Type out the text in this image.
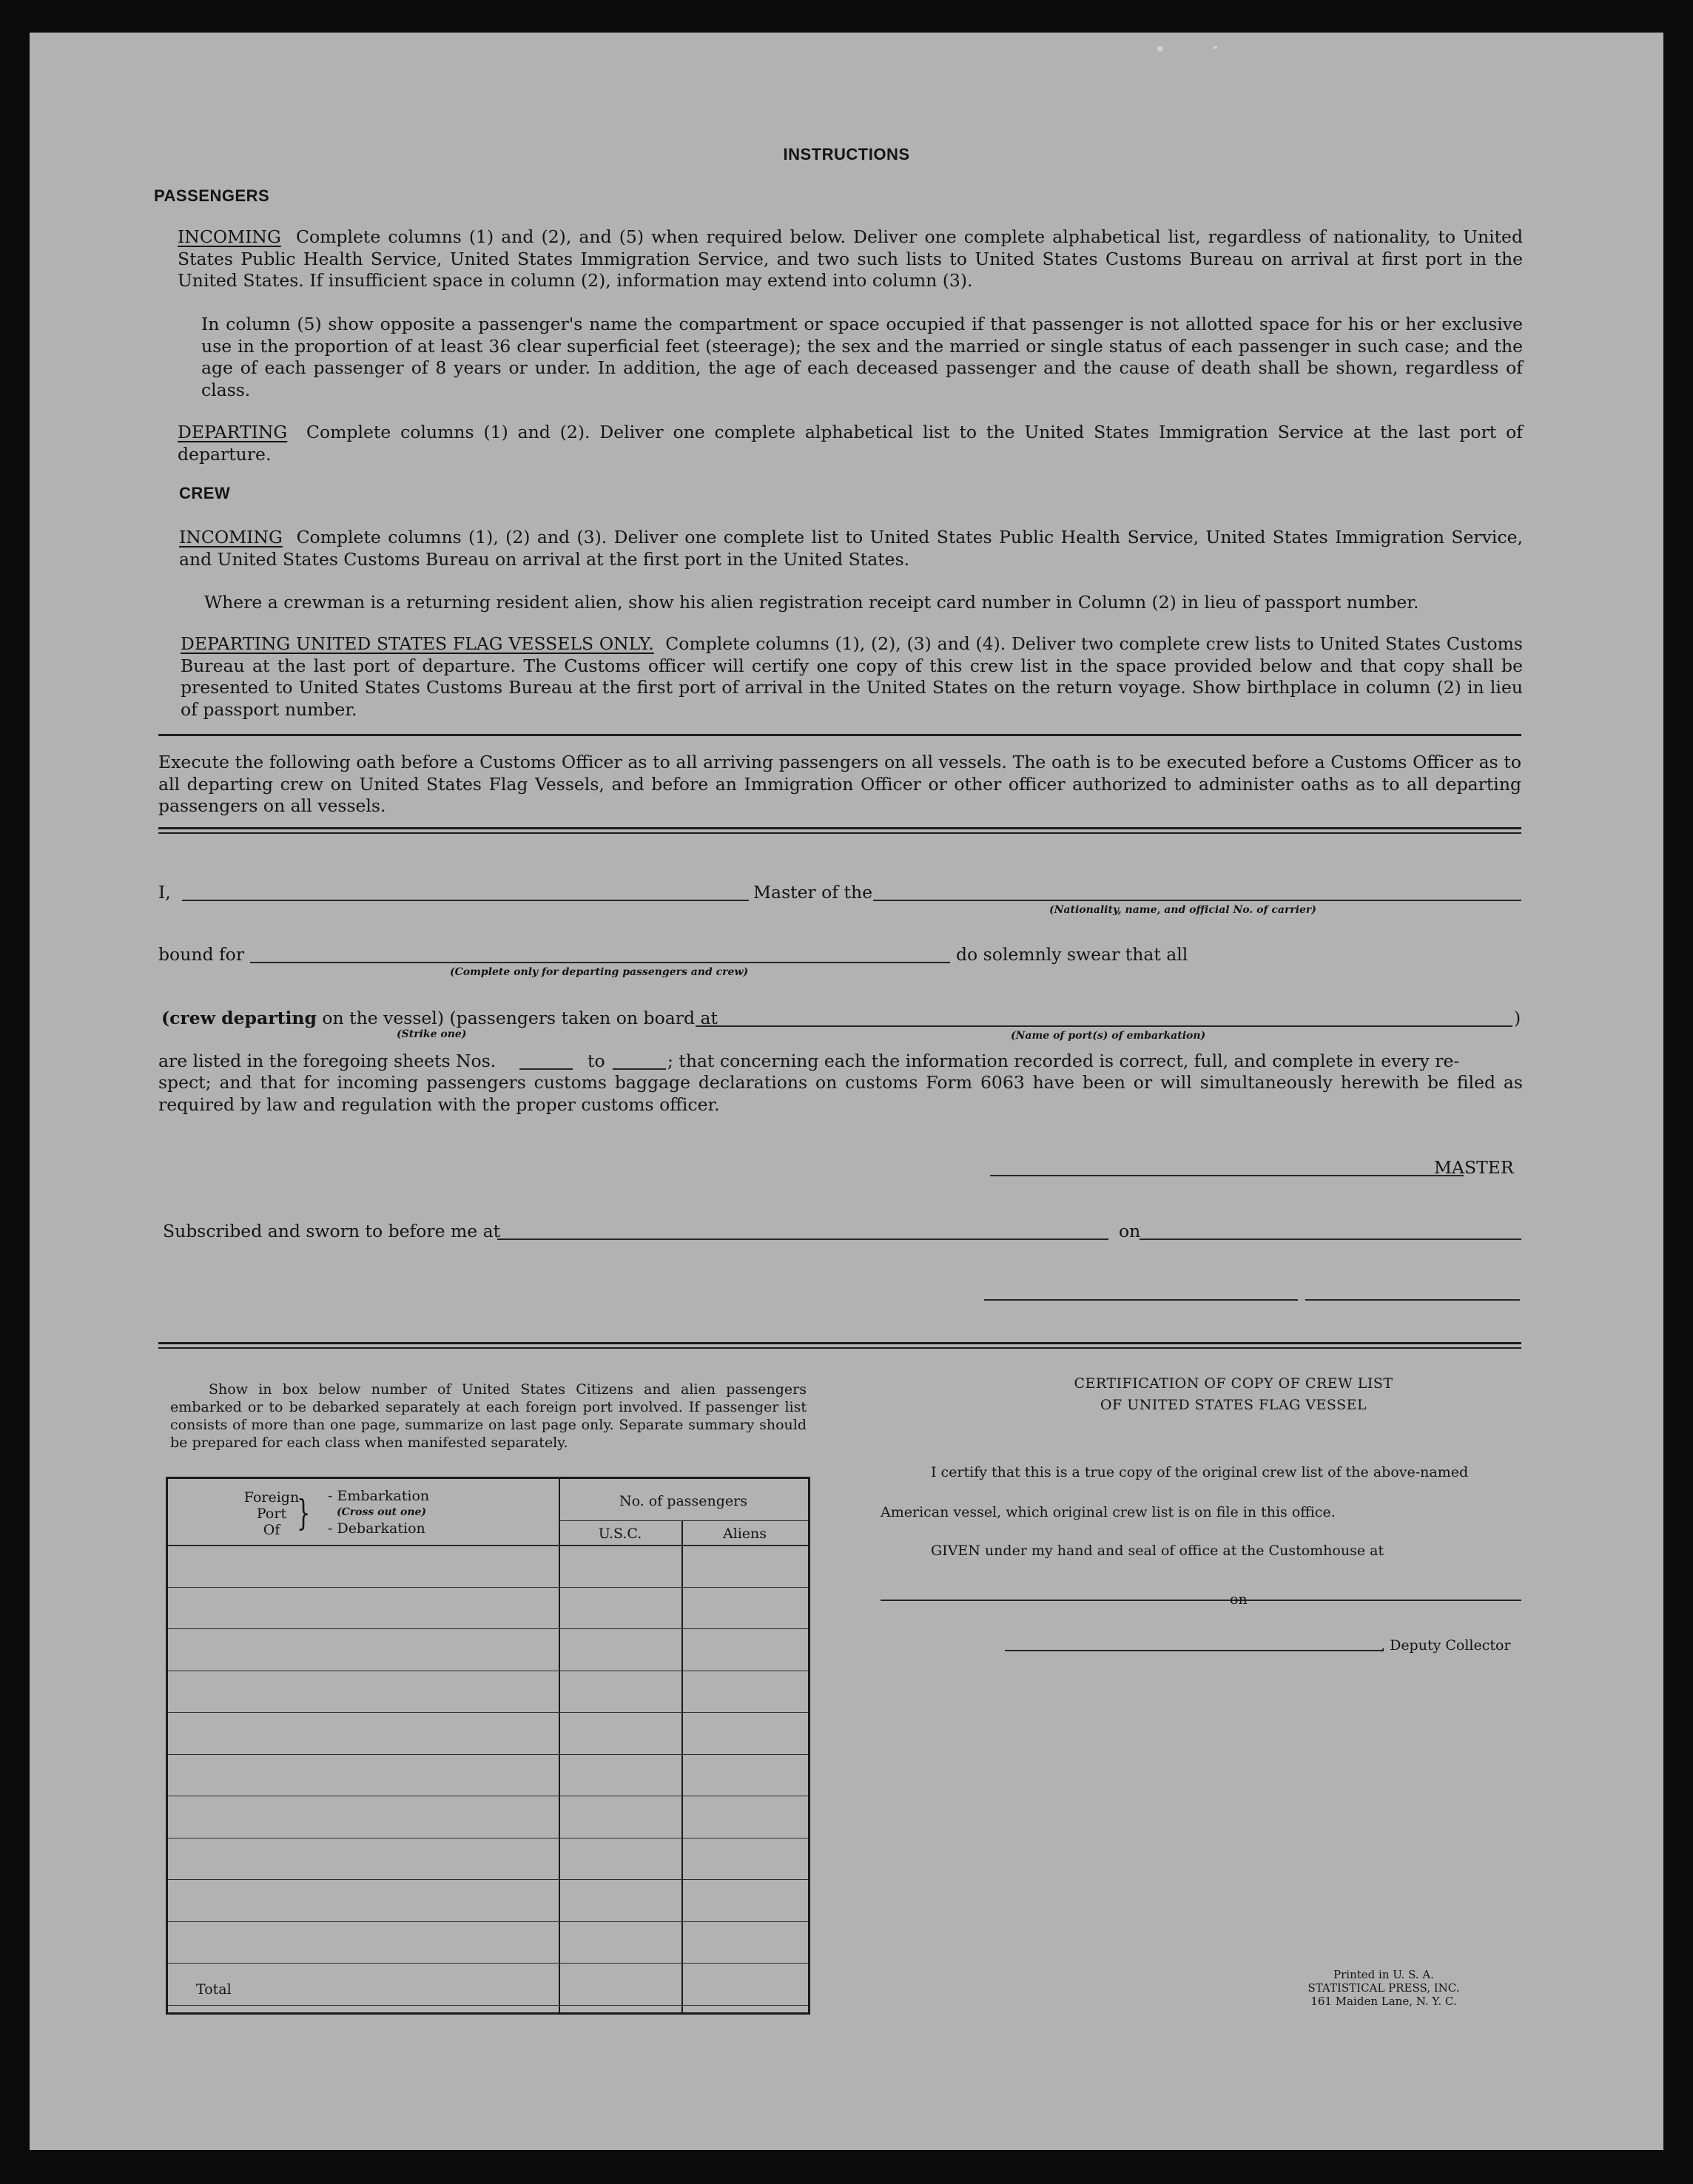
INSTRUCTIONS
PASSENGERS
INCOMING Complete columns (1) and (2), and (5) when required below. Deliver one complete alphabetical list, regardless of nationality, to United States Public Health Service, United States Immigration Service, and two such lists to United States Customs Bureau on arrival at first port in the United States. If insufficient space in column (2), information may extend into column (3).
In column (5) show opposite a passenger's name the compartment or space occupied if that passenger is not allotted space for his or her exclusive use in the proportion of at least 36 clear superficial feet (steerage); the sex and the married or single status of each passenger in such case; and the age of each passenger of 8 years or under. In addition, the age of each deceased passenger and the cause of death shall be shown, regardless of class.
DEPARTING Complete columns (1) and (2). Deliver one complete alphabetical list to the United States Immigration Service at the last port of departure.
CREW
INCOMING Complete columns (1), (2) and (3). Deliver one complete list to United States Public Health Service, United States Immigration Service, and United States Customs Bureau on arrival at the first port in the United States.
Where a crewman is a returning resident alien, show his alien registration receipt card number in Column (2) in lieu of passport number.
DEPARTING UNITED STATES FLAG VESSELS ONLY. Complete columns (1), (2), (3) and (4). Deliver two complete crew lists to United States Customs Bureau at the last port of departure. The Customs officer will certify one copy of this crew list in the space provided below and that copy shall be presented to United States Customs Bureau at the first port of arrival in the United States on the return voyage. Show birthplace in column (2) in lieu of passport number.
Execute the following oath before a Customs Officer as to all arriving passengers on all vessels. The oath is to be executed before a Customs Officer as to all departing crew on United States Flag Vessels, and before an Immigration Officer or other officer authorized to administer oaths as to all departing passengers on all vessels.
I,	Master of the
(Nationality, name, and official No. of carrier)
bound for
(Complete only for departing passengers and crew)
do solemnly swear that all
(crew departing on the vessel) (passengers taken on board at	)
(Strike one)	(Name of port(s) of embarkation)
are listed in the foregoing sheets Nos.	to	; that concerning each the information recorded is correct, full, and complete in every re-
spect; and that for incoming passengers customs baggage declarations on customs Form 6063 have been or will simultaneously herewith be filed as required by law and regulation with the proper customs officer.
MASTER
Subscribed and sworn to before me at	on
Show in box below number of United States Citizens and alien passengers embarked or to be debarked separately at each foreign port involved. If passenger list consists of more than one page, summarize on last page only. Separate summary should be prepared for each class when manifested separately.
Foreign
Port
Of } - Embarkation
(Cross out one)
- Debarkation
No. of passengers
U.S.C.	Aliens
Total
CERTIFICATION OF COPY OF CREW LIST
OF UNITED STATES FLAG VESSEL
I certify that this is a true copy of the original crew list of the above-named
American vessel, which original crew list is on file in this office.
GIVEN under my hand and seal of office at the Customhouse at
on
, Deputy Collector
Printed in U. S. A.
STATISTICAL PRESS, INC.
161 Maiden Lane, N. Y. C.
